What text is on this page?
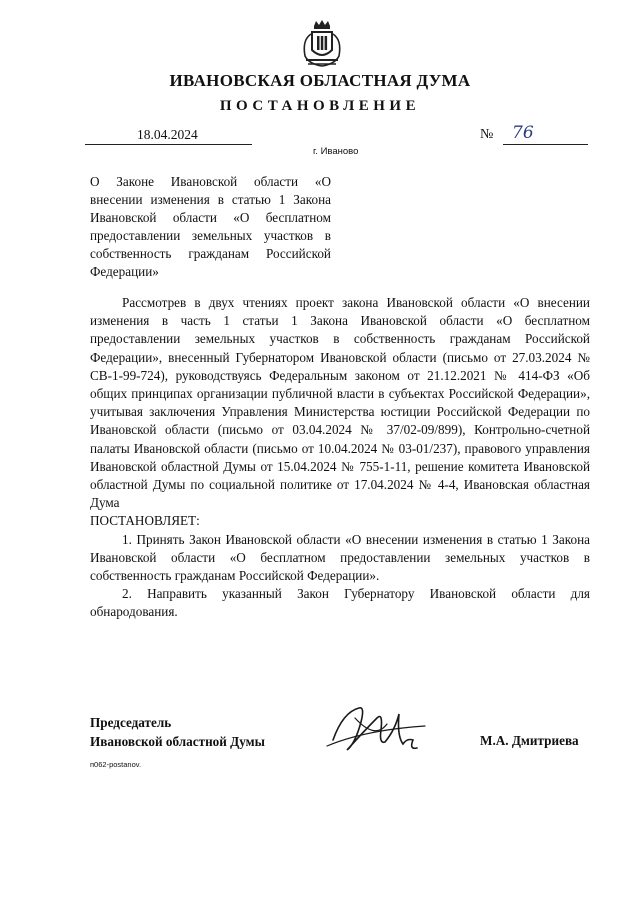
ИВАНОВСКАЯ ОБЛАСТНАЯ ДУМА
ПОСТАНОВЛЕНИЕ
18.04.2024	№ 76
г. Иваново
О Законе Ивановской области «О внесении изменения в статью 1 Закона Ивановской области «О бесплатном предоставлении земельных участков в собственность гражданам Российской Федерации»

Рассмотрев в двух чтениях проект закона Ивановской области «О внесении изменения в часть 1 статьи 1 Закона Ивановской области «О бесплатном предоставлении земельных участков в собственность гражданам Российской Федерации», внесенный Губернатором Ивановской области (письмо от 27.03.2024 № СВ-1-99-724), руководствуясь Федеральным законом от 21.12.2021 № 414-ФЗ «Об общих принципах организации публичной власти в субъектах Российской Федерации», учитывая заключения Управления Министерства юстиции Российской Федерации по Ивановской области (письмо от 03.04.2024 № 37/02-09/899), Контрольно-счетной палаты Ивановской области (письмо от 10.04.2024 № 03-01/237), правового управления Ивановской областной Думы от 15.04.2024 № 755-1-11, решение комитета Ивановской областной Думы по социальной политике от 17.04.2024 № 4-4, Ивановская областная Дума

ПОСТАНОВЛЯЕТ:

1. Принять Закон Ивановской области «О внесении изменения в статью 1 Закона Ивановской области «О бесплатном предоставлении земельных участков в собственность гражданам Российской Федерации».

2. Направить указанный Закон Губернатору Ивановской области для обнародования.

Председатель
Ивановской областной Думы	М.А. Дмитриева
п062-postanov.
